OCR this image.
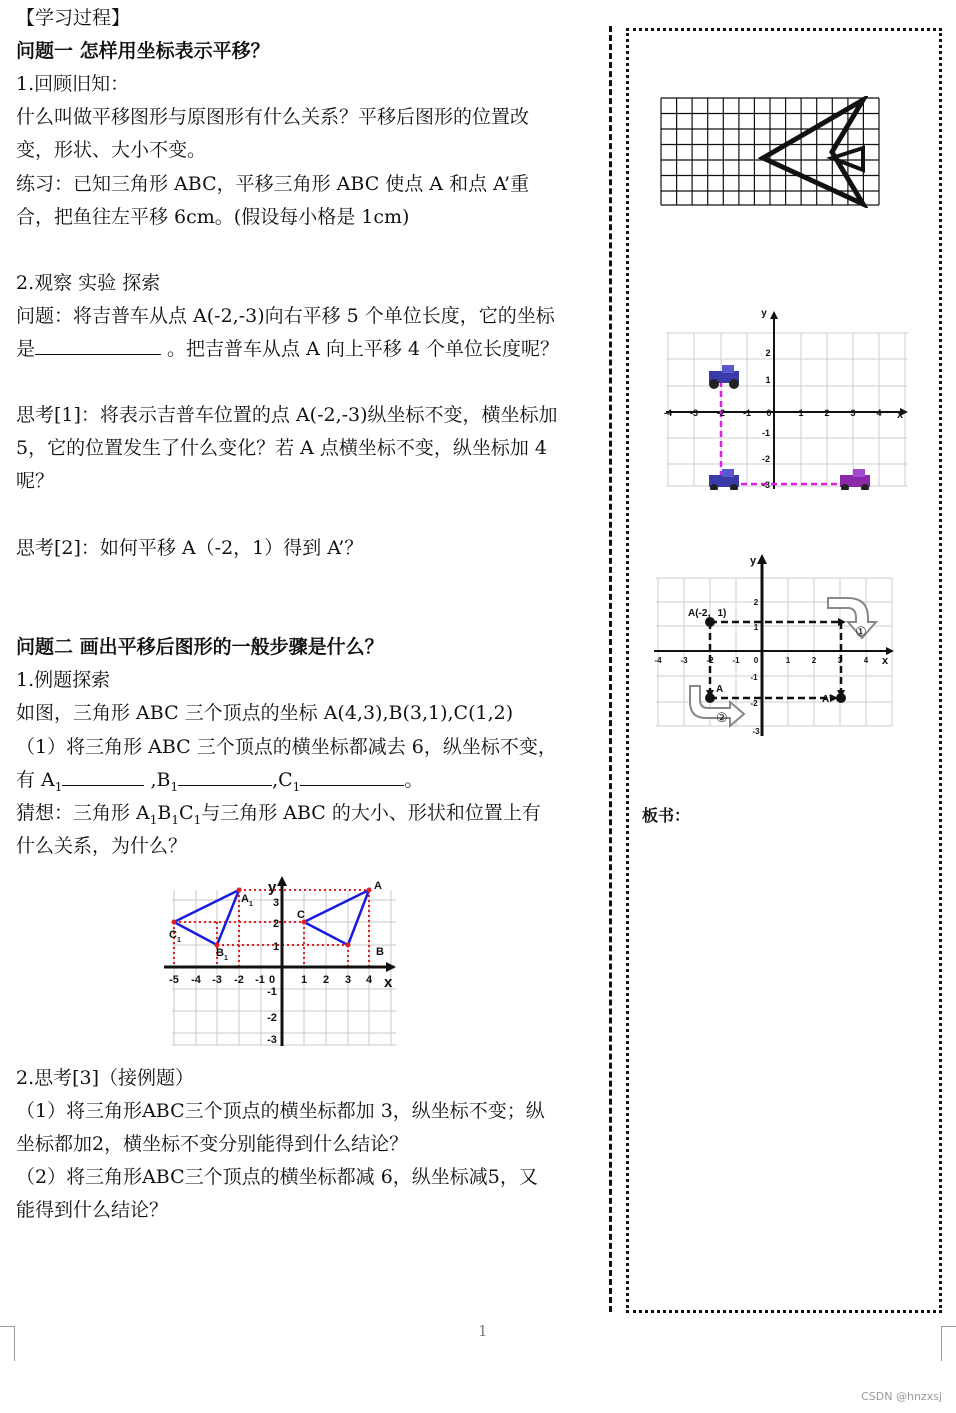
【学习过程】
问题一 怎样用坐标表示平移？
1.回顾旧知：
什么叫做平移图形与原图形有什么关系？平移后图形的位置改
变，形状、大小不变。
练习：已知三角形 ABC，平移三角形 ABC 使点 A 和点 A’重
合，把鱼往左平移 6cm。(假设每小格是 1cm)
2.观察 实验 探索
问题：将吉普车从点 A(-2,-3)向右平移 5 个单位长度，它的坐标
是	。把吉普车从点 A 向上平移 4 个单位长度呢？
思考[1]：将表示吉普车位置的点 A(-2,-3)纵坐标不变，横坐标加
5，它的位置发生了什么变化？若 A 点横坐标不变，纵坐标加 4
呢？
思考[2]：如何平移 A（-2，1）得到 A’？
问题二 画出平移后图形的一般步骤是什么？
1.例题探索
如图，三角形 ABC 三个顶点的坐标 A(4,3),B(3,1),C(1,2)
（1）将三角形 ABC 三个顶点的横坐标都减去 6，纵坐标不变，
有 $A_1$	$,B_1$	$,C_1$	。
猜想：三角形 $A_1B_1C_1$与三角形 ABC 的大小、形状和位置上有
什么关系，为什么？
A
B
C
A 1
B 1
C 1
x
y
-5 -4 -3 -2 -1 0 1 2 3 4
3
2
1
-1
-2
-3
2.思考[3]（接例题）
（1）将三角形ABC三个顶点的横坐标都加 3，纵坐标不变；纵
坐标都加2，横坐标不变分别能得到什么结论？
（2）将三角形ABC三个顶点的横坐标都减 6，纵坐标减5，又
能得到什么结论？
-4 -3 -2 -1 0	1 2 3 4
2
1
-1
-2
-3
x
y
A(-2，1)
A
A’
①
②
x
y
-4 -3 -2 -1 0	1	2	3	4
2
1
-1
-2
-3
板书：
1
CSDN @hnzxsj
